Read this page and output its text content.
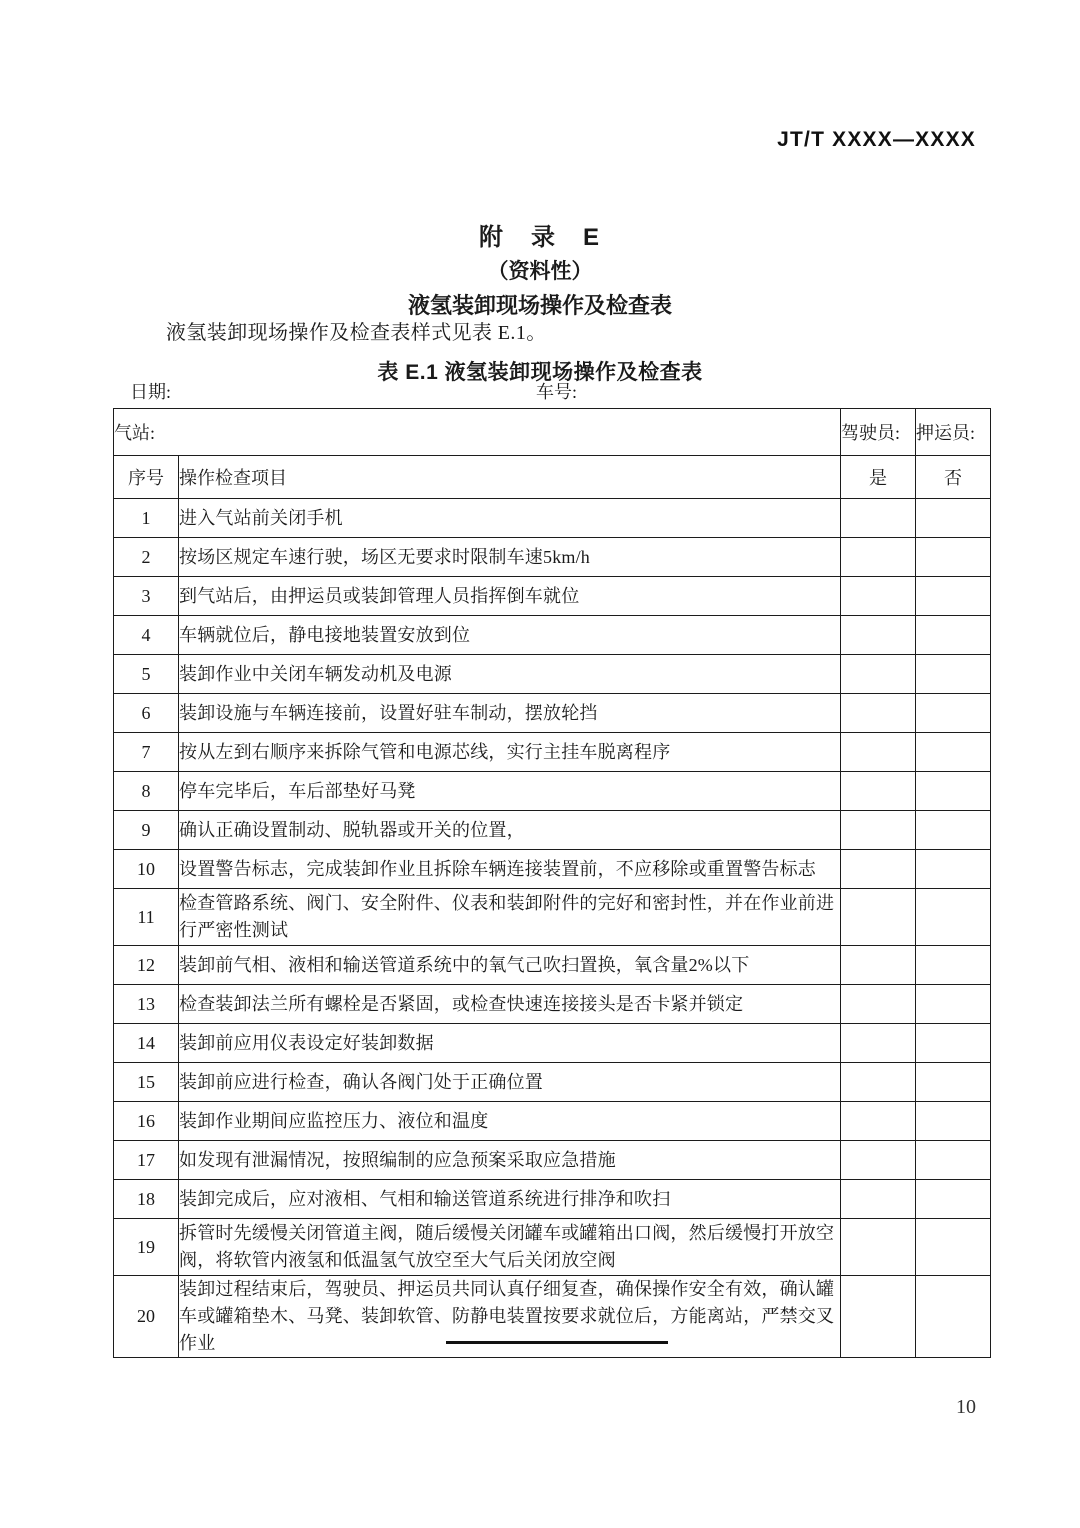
JT/T XXXX—XXXX
附　录　E
（资料性）
液氢装卸现场操作及检查表
液氢装卸现场操作及检查表样式见表 E.1。
表 E.1 液氢装卸现场操作及检查表
日期:	车号:
气站:		驾驶员:	押运员:
序号	操作检查项目	是	否
1	进入气站前关闭手机		
2	按场区规定车速行驶，场区无要求时限制车速5km/h		
3	到气站后，由押运员或装卸管理人员指挥倒车就位		
4	车辆就位后，静电接地装置安放到位		
5	装卸作业中关闭车辆发动机及电源		
6	装卸设施与车辆连接前，设置好驻车制动，摆放轮挡		
7	按从左到右顺序来拆除气管和电源芯线，实行主挂车脱离程序		
8	停车完毕后，车后部垫好马凳		
9	确认正确设置制动、脱轨器或开关的位置，		
10	设置警告标志，完成装卸作业且拆除车辆连接装置前，不应移除或重置警告标志		
11	检查管路系统、阀门、安全附件、仪表和装卸附件的完好和密封性，并在作业前进行严密性测试		
12	装卸前气相、液相和输送管道系统中的氧气己吹扫置换，氧含量2%以下		
13	检查装卸法兰所有螺栓是否紧固，或检查快速连接接头是否卡紧并锁定		
14	装卸前应用仪表设定好装卸数据		
15	装卸前应进行检查，确认各阀门处于正确位置		
16	装卸作业期间应监控压力、液位和温度		
17	如发现有泄漏情况，按照编制的应急预案采取应急措施		
18	装卸完成后，应对液相、气相和输送管道系统进行排净和吹扫		
19	拆管时先缓慢关闭管道主阀，随后缓慢关闭罐车或罐箱出口阀，然后缓慢打开放空阀，将软管内液氢和低温氢气放空至大气后关闭放空阀		
20	装卸过程结束后，驾驶员、押运员共同认真仔细复查，确保操作安全有效，确认罐车或罐箱垫木、马凳、装卸软管、防静电装置按要求就位后，方能离站，严禁交叉作业		
10
